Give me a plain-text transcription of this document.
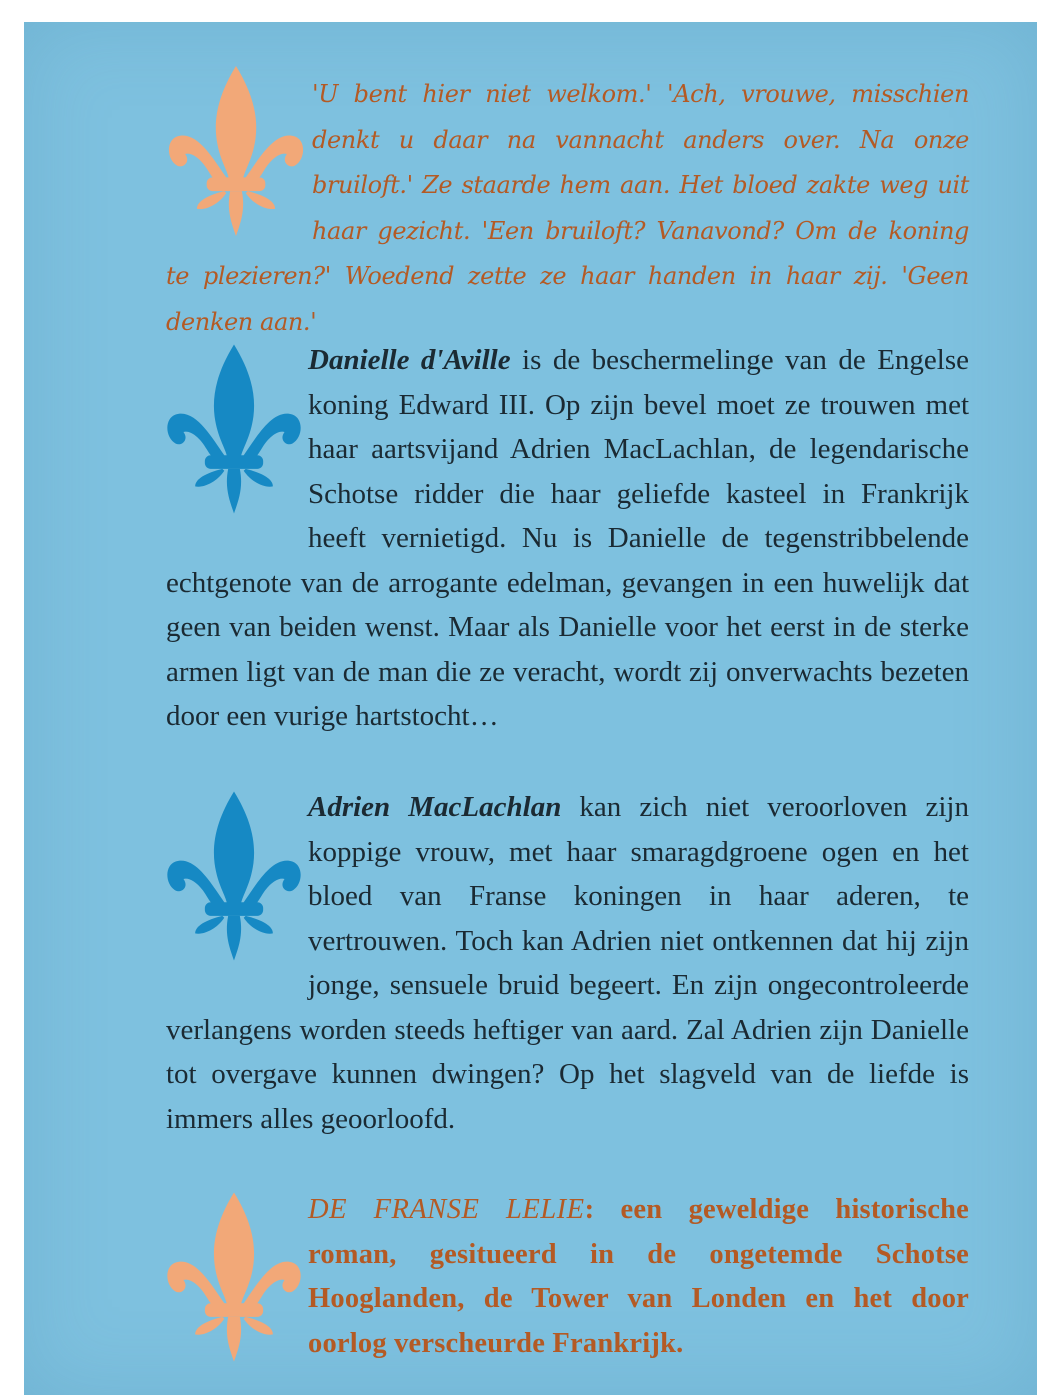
'U bent hier niet welkom.' 'Ach, vrouwe, misschien denkt u daar na vannacht anders over. Na onze bruiloft.' Ze staarde hem aan. Het bloed zakte weg uit haar gezicht. 'Een bruiloft? Vanavond? Om de koning te plezieren?' Woedend zette ze haar handen in haar zij. 'Geen denken aan.'

Danielle d'Aville is de beschermelinge van de Engelse koning Edward III. Op zijn bevel moet ze trouwen met haar aartsvijand Adrien MacLachlan, de legendarische Schotse ridder die haar geliefde kasteel in Frankrijk heeft vernietigd. Nu is Danielle de tegenstribbelende echtgenote van de arrogante edelman, gevangen in een huwelijk dat geen van beiden wenst. Maar als Danielle voor het eerst in de sterke armen ligt van de man die ze veracht, wordt zij onverwachts bezeten door een vurige hartstocht…

Adrien MacLachlan kan zich niet veroorloven zijn koppige vrouw, met haar smaragdgroene ogen en het bloed van Franse koningen in haar aderen, te vertrouwen. Toch kan Adrien niet ontkennen dat hij zijn jonge, sensuele bruid begeert. En zijn ongecontroleerde verlangens worden steeds heftiger van aard. Zal Adrien zijn Danielle tot overgave kunnen dwingen? Op het slagveld van de liefde is immers alles geoorloofd.

DE FRANSE LELIE: een geweldige historische roman, gesitueerd in de ongetemde Schotse Hooglanden, de Tower van Londen en het door oorlog verscheurde Frankrijk.
